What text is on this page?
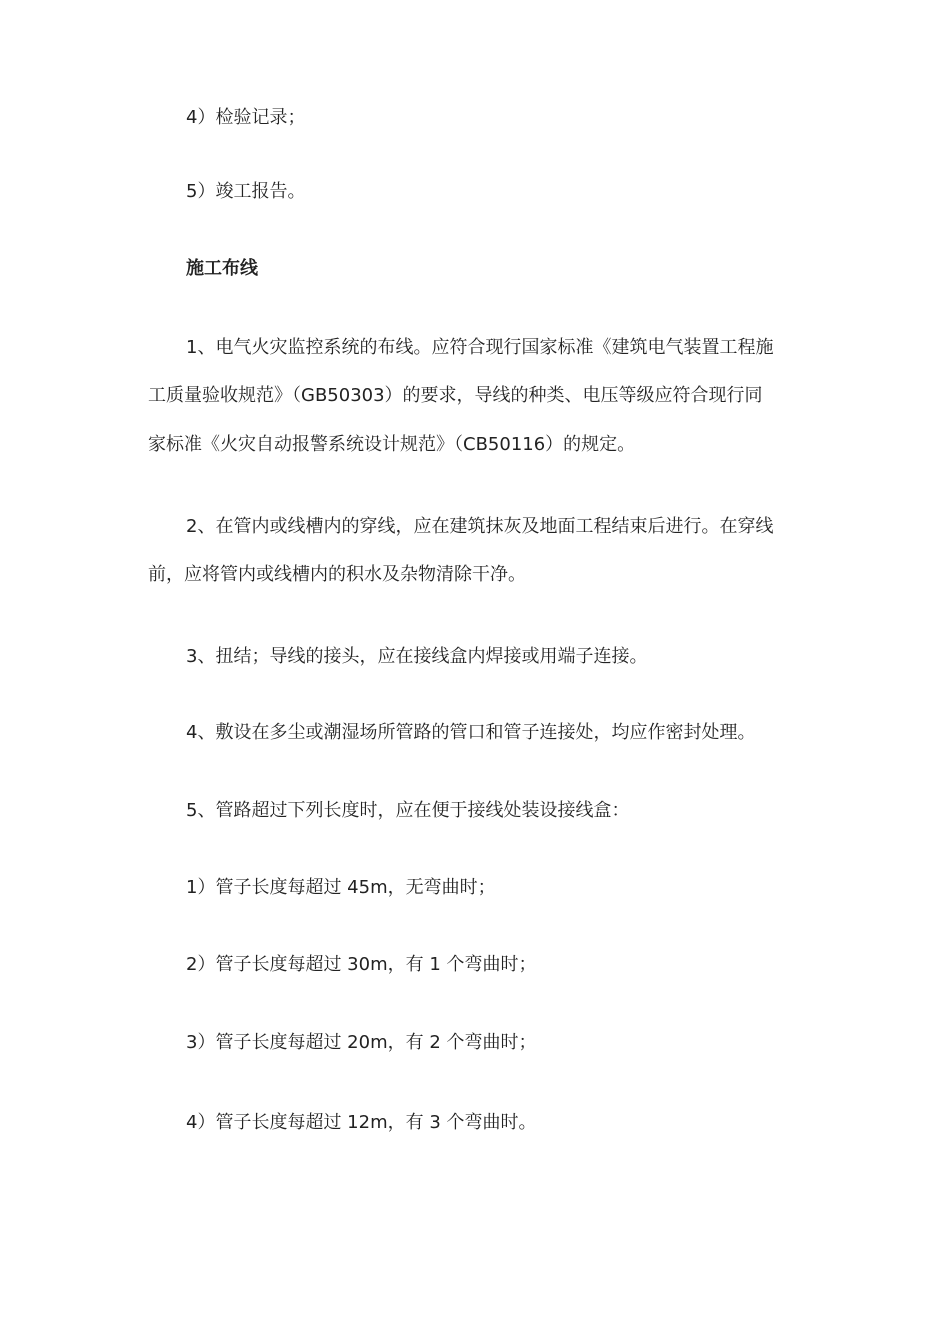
4）检验记录；
5）竣工报告。
施工布线
1、电气火灾监控系统的布线。应符合现行国家标准《建筑电气装置工程施
工质量验收规范》（GB50303）的要求，导线的种类、电压等级应符合现行同
家标准《火灾自动报警系统设计规范》（CB50116）的规定。
2、在管内或线槽内的穿线，应在建筑抹灰及地面工程结束后进行。在穿线
前，应将管内或线槽内的积水及杂物清除干净。
3、扭结；导线的接头，应在接线盒内焊接或用端子连接。
4、敷设在多尘或潮湿场所管路的管口和管子连接处，均应作密封处理。
5、管路超过下列长度时，应在便于接线处装设接线盒：
1）管子长度每超过 45m，无弯曲时；
2）管子长度每超过 30m，有 1 个弯曲时；
3）管子长度每超过 20m，有 2 个弯曲时；
4）管子长度每超过 12m，有 3 个弯曲时。
